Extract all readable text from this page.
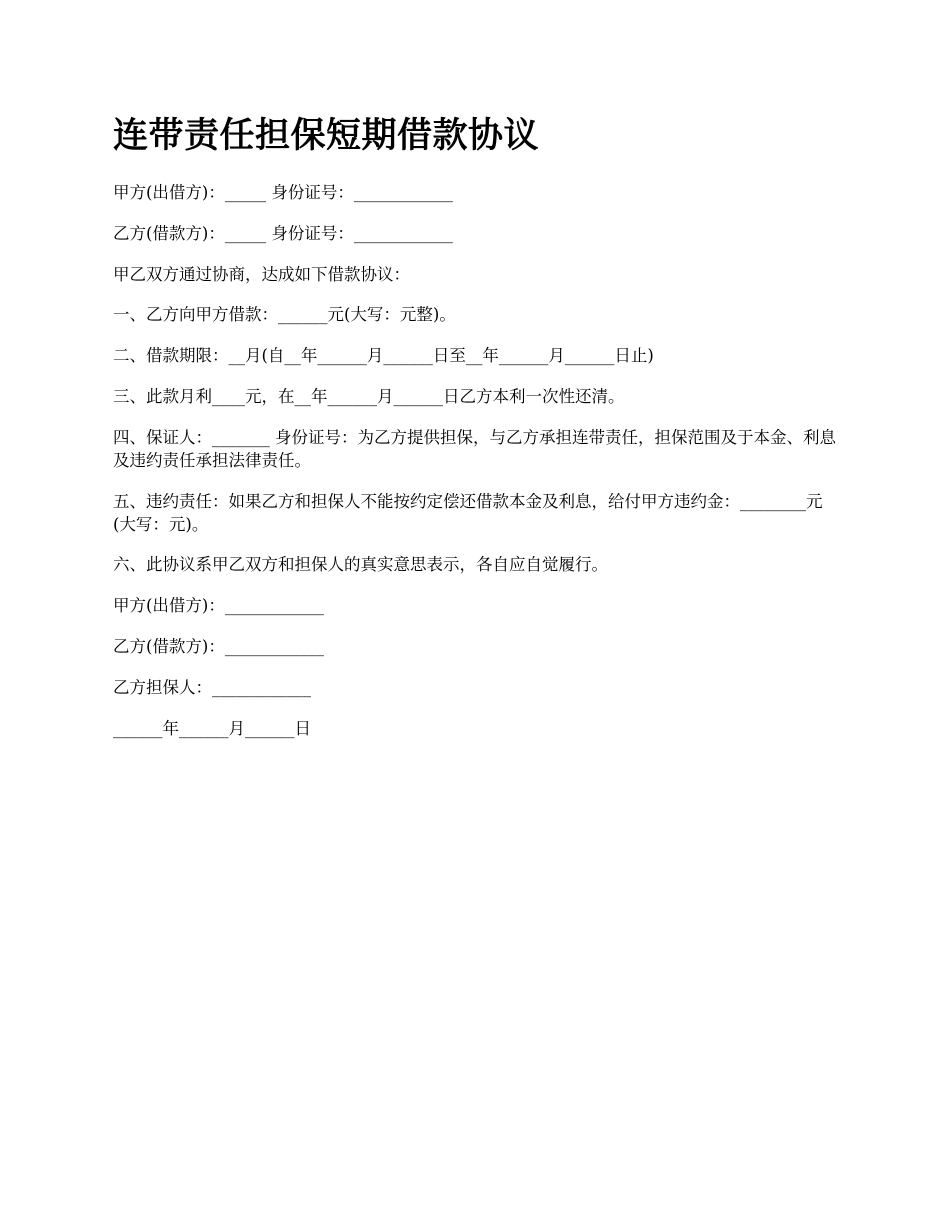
连带责任担保短期借款协议

甲方(出借方)：_____ 身份证号：____________

乙方(借款方)：_____ 身份证号：____________

甲乙双方通过协商，达成如下借款协议：

一、乙方向甲方借款：______元(大写：元整)。

二、借款期限：__月(自__年______月______日至__年______月______日止)

三、此款月利____元，在__年______月______日乙方本利一次性还清。

四、保证人：_______ 身份证号：为乙方提供担保，与乙方承担连带责任，担保范围及于本金、利息及违约责任承担法律责任。

五、违约责任：如果乙方和担保人不能按约定偿还借款本金及利息，给付甲方违约金：________元(大写：元)。

六、此协议系甲乙双方和担保人的真实意思表示，各自应自觉履行。

甲方(出借方)：____________

乙方(借款方)：____________

乙方担保人：____________

______年______月______日
